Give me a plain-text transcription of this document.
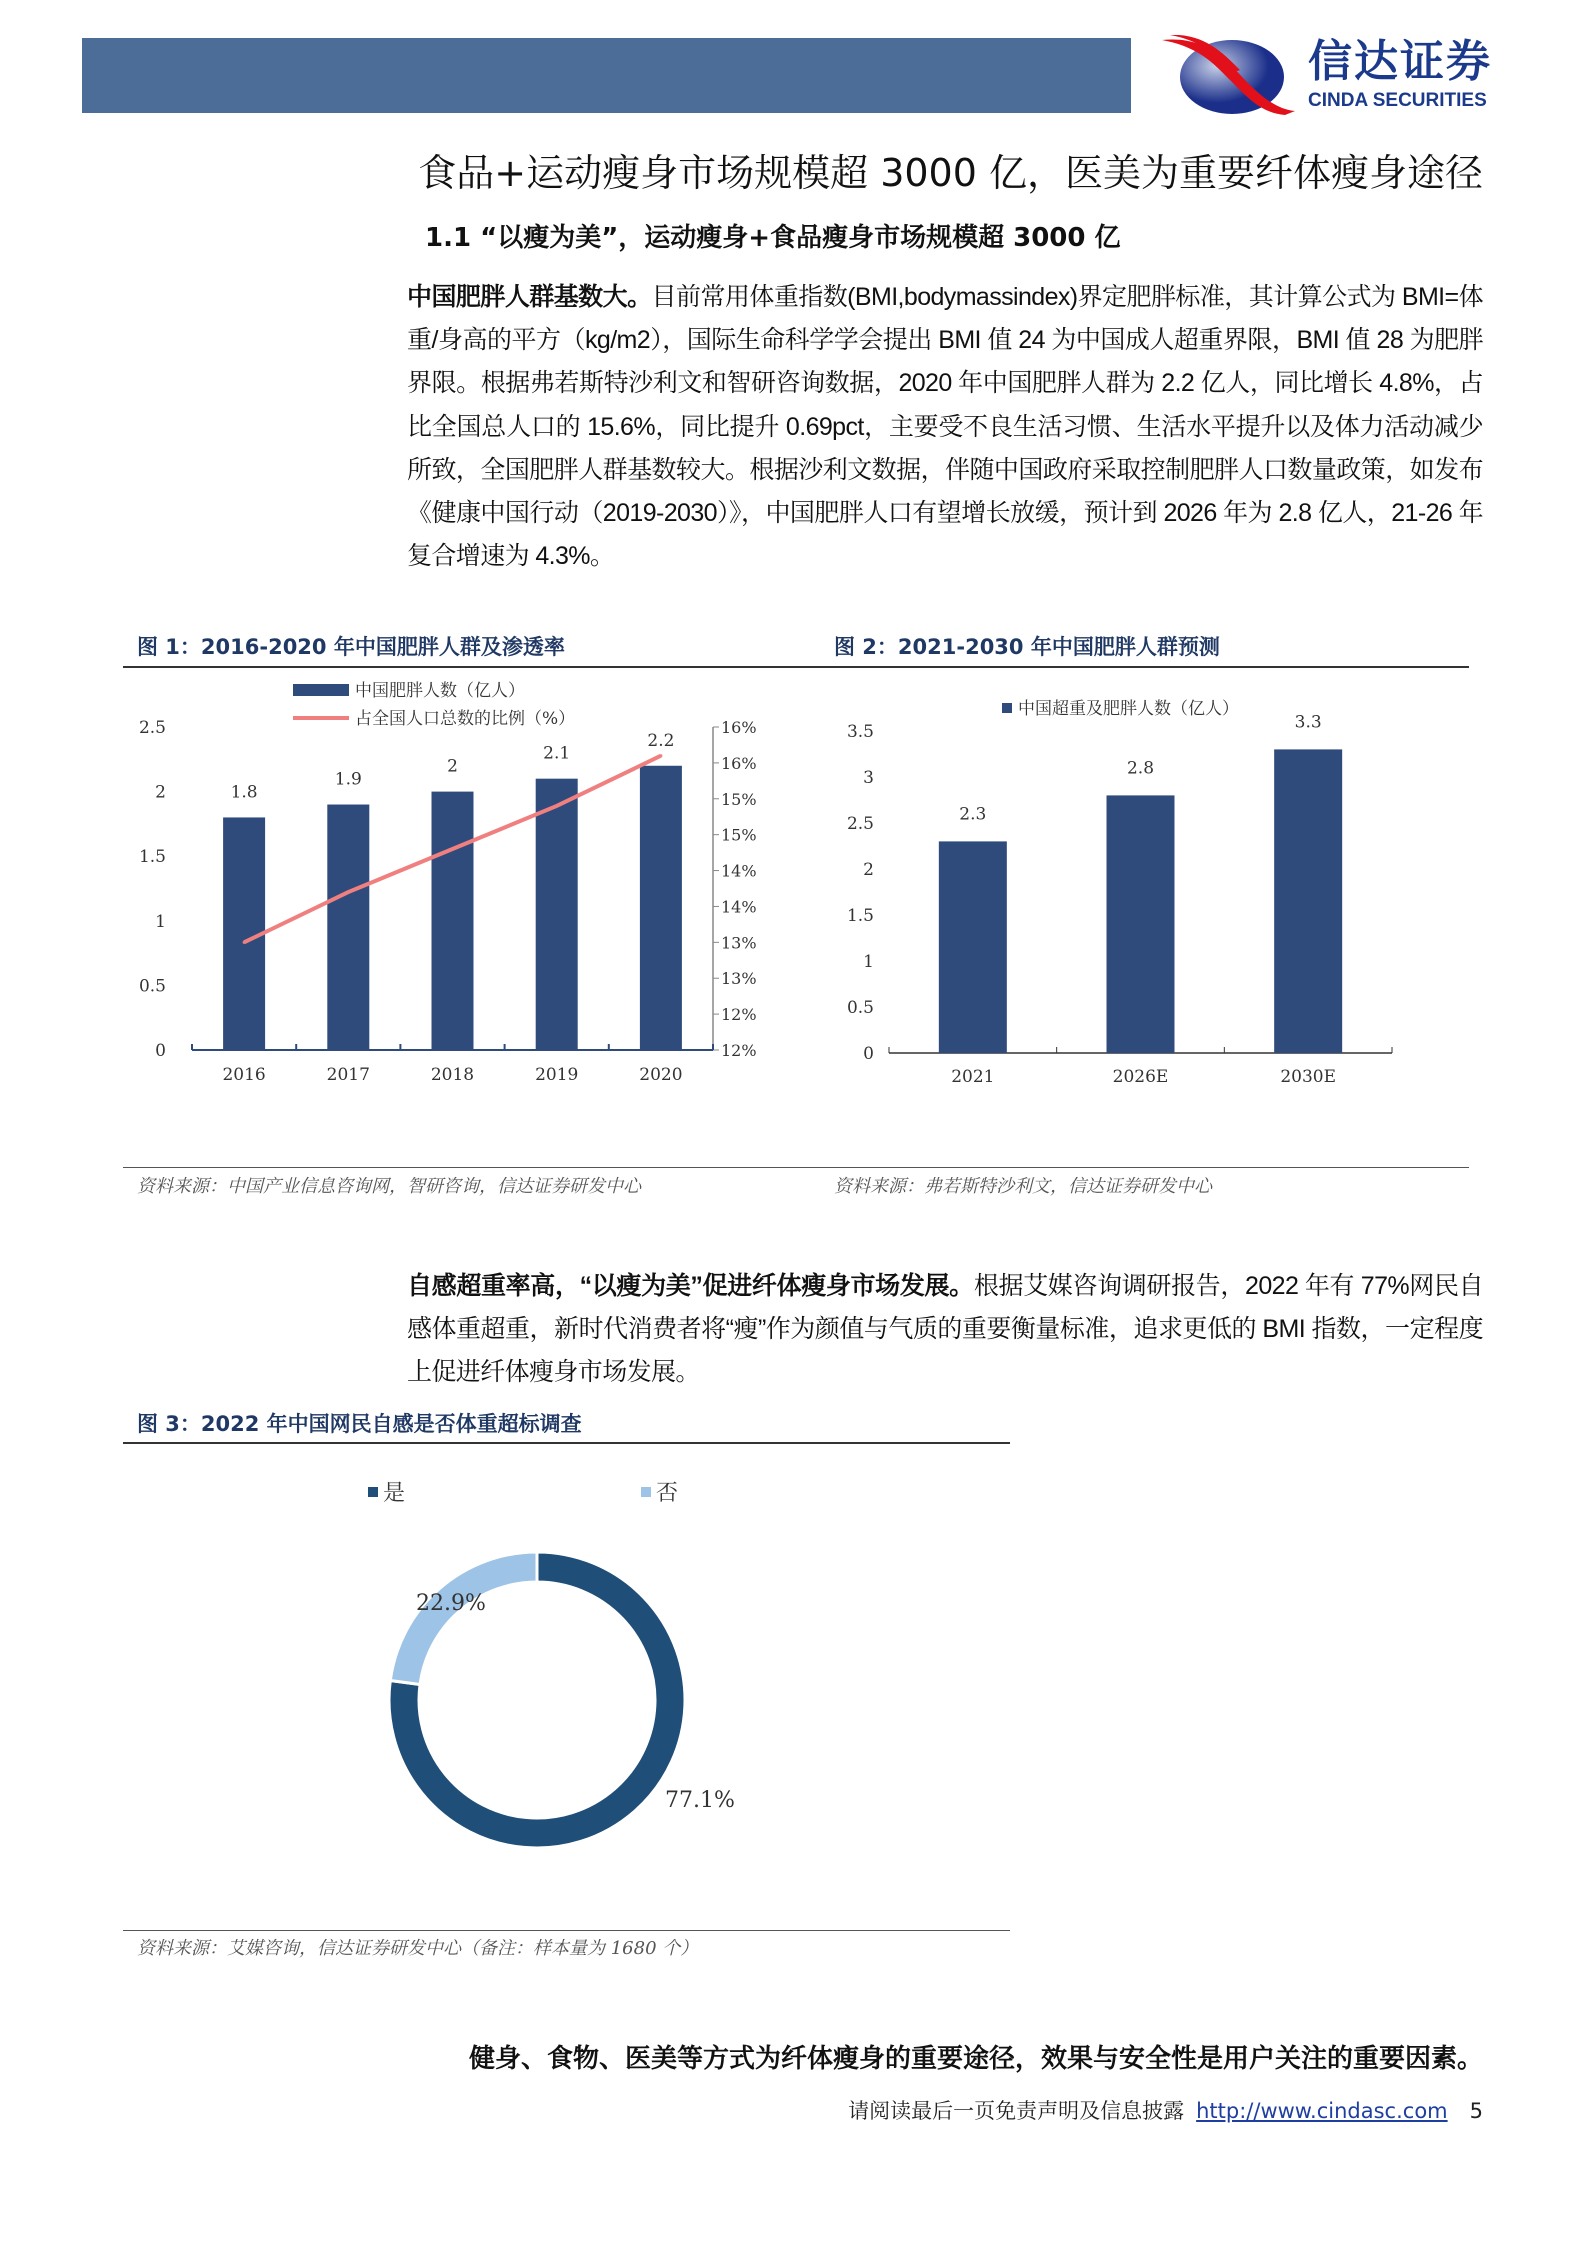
信达证券
CINDA SECURITIES
食品+运动瘦身市场规模超 3000 亿，医美为重要纤体瘦身途径
1.1 “以瘦为美”，运动瘦身+食品瘦身市场规模超 3000 亿
中国肥胖人群基数大。目前常用体重指数(BMI,bodymassindex)界定肥胖标准，其计算公式为 BMI=体重/身高的平方（kg/m2），国际生命科学学会提出 BMI 值 24 为中国成人超重界限，BMI 值 28 为肥胖界限。根据弗若斯特沙利文和智研咨询数据，2020 年中国肥胖人群为 2.2 亿人，同比增长 4.8%，占比全国总人口的 15.6%，同比提升 0.69pct，主要受不良生活习惯、生活水平提升以及体力活动减少所致，全国肥胖人群基数较大。根据沙利文数据，伴随中国政府采取控制肥胖人口数量政策，如发布《健康中国行动（2019-2030）》，中国肥胖人口有望增长放缓，预计到 2026 年为 2.8 亿人，21-26 年复合增速为 4.3%。
图 1：2016-2020 年中国肥胖人群及渗透率	图 2：2021-2030 年中国肥胖人群预测
0
0.5
1
1.5
2
2.5
12%
12%
13%
13%
14%
14%
15%
15%
16%
16%
1.8
2016
1.9
2017
2
2018
2.1
2019
2.2
2020
中国肥胖人数（亿人）
占全国人口总数的比例（%）
0
0.5
1
1.5
2
2.5
3
3.5
2.3
2021
2.8
2026E
3.3
2030E
中国超重及肥胖人数（亿人）
资料来源：中国产业信息咨询网，智研咨询，信达证券研发中心	资料来源：弗若斯特沙利文，信达证券研发中心
自感超重率高，“以瘦为美”促进纤体瘦身市场发展。根据艾媒咨询调研报告，2022 年有 77%网民自感体重超重，新时代消费者将“瘦”作为颜值与气质的重要衡量标准，追求更低的 BMI 指数，一定程度上促进纤体瘦身市场发展。
图 3：2022 年中国网民自感是否体重超标调查
77.1%
22.9%
是	否
资料来源：艾媒咨询，信达证券研发中心（备注：样本量为 1680 个）
健身、食物、医美等方式为纤体瘦身的重要途径，效果与安全性是用户关注的重要因素。
请阅读最后一页免责声明及信息披露 http://www.cindasc.com 5
